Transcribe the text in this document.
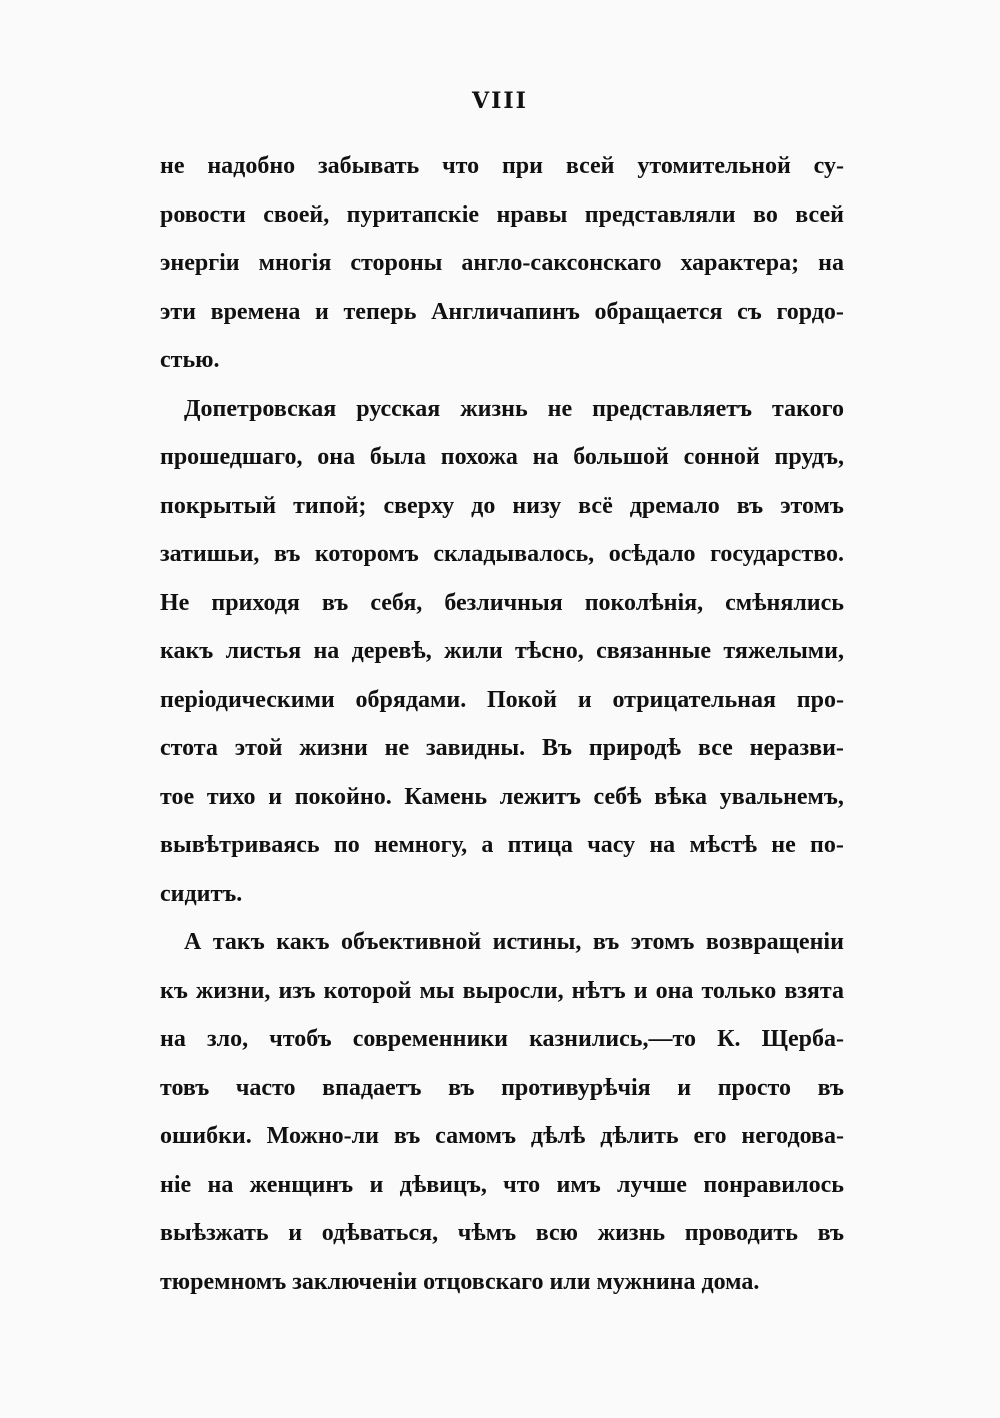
VIII
не надобно забывать что при всей утомительной су-
ровости своей, пуритапскіе нравы представляли во всей
энергіи многія стороны англо-саксонскаго характера; на
эти времена и теперь Англичапинъ обращается съ гордо-
стью.
Допетровская русская жизнь не представляетъ такого
прошедшаго, она была похожа на большой сонной прудъ,
покрытый типой; сверху до низу всё дремало въ этомъ
затишьи, въ которомъ складывалось, осѣдало государство.
Не приходя въ себя, безличныя поколѣнія, смѣнялись
какъ листья на деревѣ, жили тѣсно, связанные тяжелыми,
періодическими обрядами. Покой и отрицательная про-
стота этой жизни не завидны. Въ природѣ все неразви-
тое тихо и покойно. Камень лежитъ себѣ вѣка увальнемъ,
вывѣтриваясь по немногу, а птица часу на мѣстѣ не по-
сидитъ.
А такъ какъ объективной истины, въ этомъ возвращеніи
къ жизни, изъ которой мы выросли, нѣтъ и она только взята
на зло, чтобъ современники казнились,—то К. Щерба-
товъ часто впадаетъ въ противурѣчія и просто въ
ошибки. Можно-ли въ самомъ дѣлѣ дѣлить его негодова-
ніе на женщинъ и дѣвицъ, что имъ лучше понравилось
выѣзжать и одѣваться, чѣмъ всю жизнь проводить въ
тюремномъ заключеніи отцовскаго или мужнина дома.
